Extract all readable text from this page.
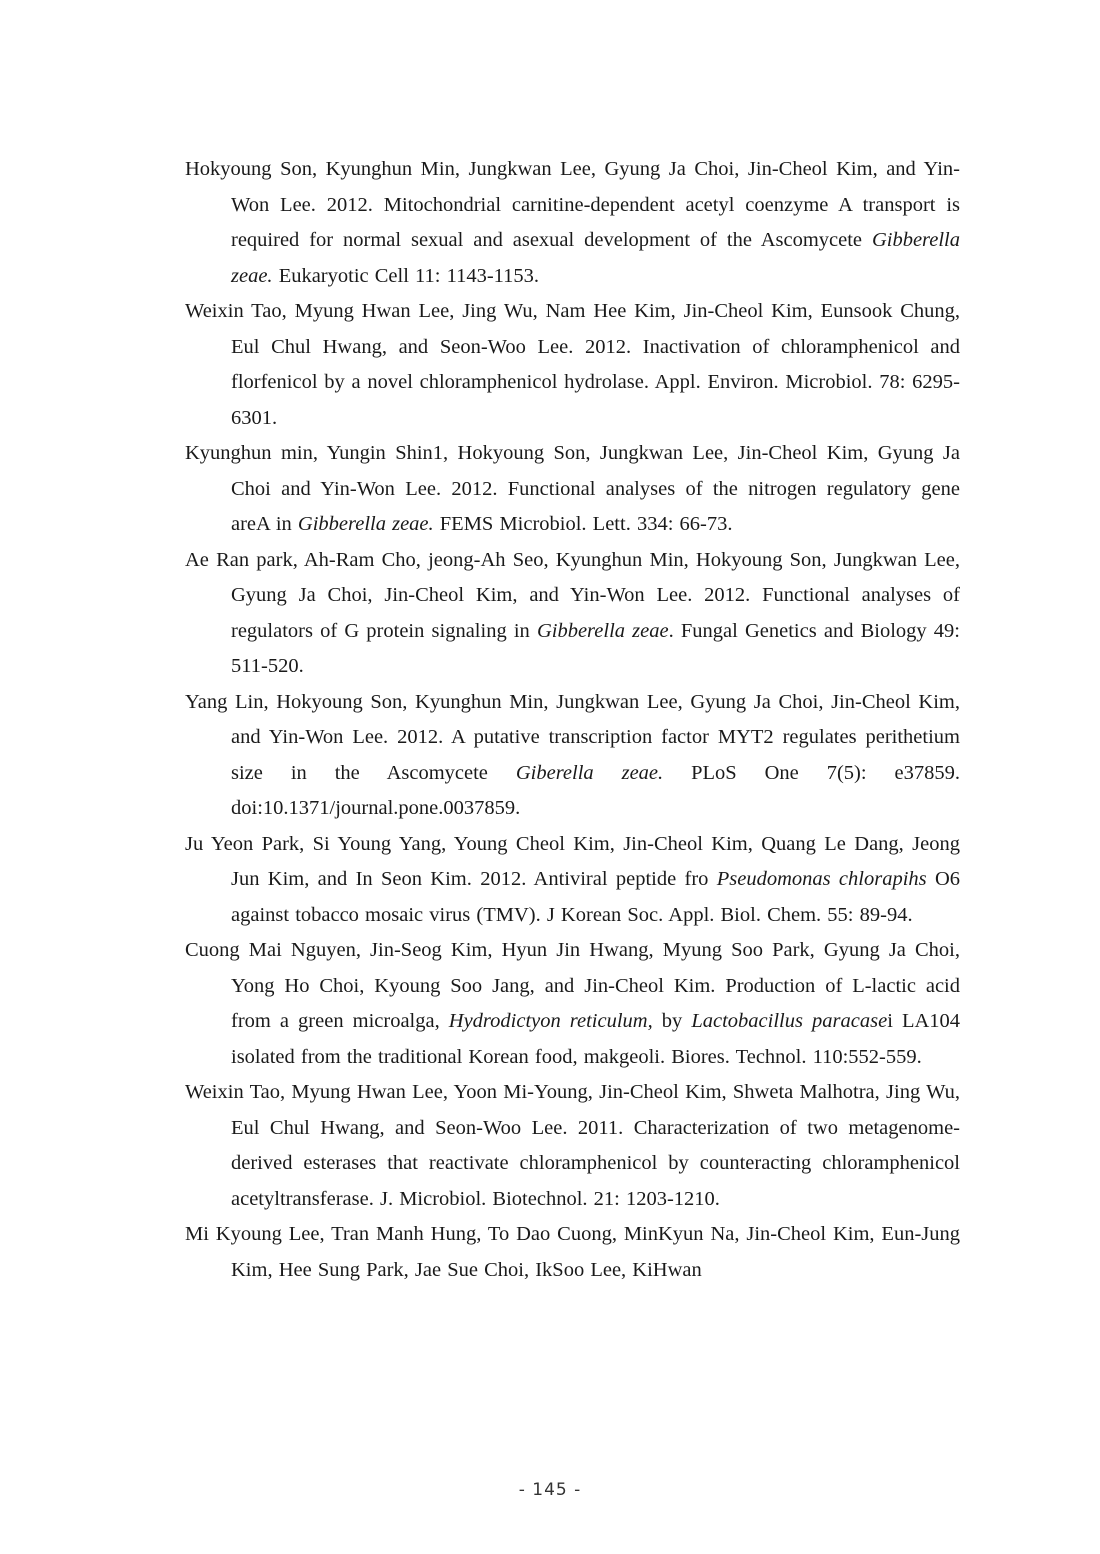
Hokyoung Son, Kyunghun Min, Jungkwan Lee, Gyung Ja Choi, Jin-Cheol Kim, and Yin-Won Lee. 2012. Mitochondrial carnitine-dependent acetyl coenzyme A transport is required for normal sexual and asexual development of the Ascomycete Gibberella zeae. Eukaryotic Cell 11: 1143-1153.

Weixin Tao, Myung Hwan Lee, Jing Wu, Nam Hee Kim, Jin-Cheol Kim, Eunsook Chung, Eul Chul Hwang, and Seon-Woo Lee. 2012. Inactivation of chloramphenicol and florfenicol by a novel chloramphenicol hydrolase. Appl. Environ. Microbiol. 78: 6295-6301.

Kyunghun min, Yungin Shin1, Hokyoung Son, Jungkwan Lee, Jin-Cheol Kim, Gyung Ja Choi and Yin-Won Lee. 2012. Functional analyses of the nitrogen regulatory gene areA in Gibberella zeae. FEMS Microbiol. Lett. 334: 66-73.

Ae Ran park, Ah-Ram Cho, jeong-Ah Seo, Kyunghun Min, Hokyoung Son, Jungkwan Lee, Gyung Ja Choi, Jin-Cheol Kim, and Yin-Won Lee. 2012. Functional analyses of regulators of G protein signaling in Gibberella zeae. Fungal Genetics and Biology 49: 511-520.

Yang Lin, Hokyoung Son, Kyunghun Min, Jungkwan Lee, Gyung Ja Choi, Jin-Cheol Kim, and Yin-Won Lee. 2012. A putative transcription factor MYT2 regulates perithetium size in the Ascomycete Giberella zeae. PLoS One 7(5): e37859. doi:10.1371/journal.pone.0037859.

Ju Yeon Park, Si Young Yang, Young Cheol Kim, Jin-Cheol Kim, Quang Le Dang, Jeong Jun Kim, and In Seon Kim. 2012. Antiviral peptide fro Pseudomonas chlorapihs O6 against tobacco mosaic virus (TMV). J Korean Soc. Appl. Biol. Chem. 55: 89-94.

Cuong Mai Nguyen, Jin-Seog Kim, Hyun Jin Hwang, Myung Soo Park, Gyung Ja Choi, Yong Ho Choi, Kyoung Soo Jang, and Jin-Cheol Kim. Production of L-lactic acid from a green microalga, Hydrodictyon reticulum, by Lactobacillus paracasei LA104 isolated from the traditional Korean food, makgeoli. Biores. Technol. 110:552-559.

Weixin Tao, Myung Hwan Lee, Yoon Mi-Young, Jin-Cheol Kim, Shweta Malhotra, Jing Wu, Eul Chul Hwang, and Seon-Woo Lee. 2011. Characterization of two metagenome-derived esterases that reactivate chloramphenicol by counteracting chloramphenicol acetyltransferase. J. Microbiol. Biotechnol. 21: 1203-1210.

Mi Kyoung Lee, Tran Manh Hung, To Dao Cuong, MinKyun Na, Jin-Cheol Kim, Eun-Jung Kim, Hee Sung Park, Jae Sue Choi, IkSoo Lee, KiHwan

- 145 -
